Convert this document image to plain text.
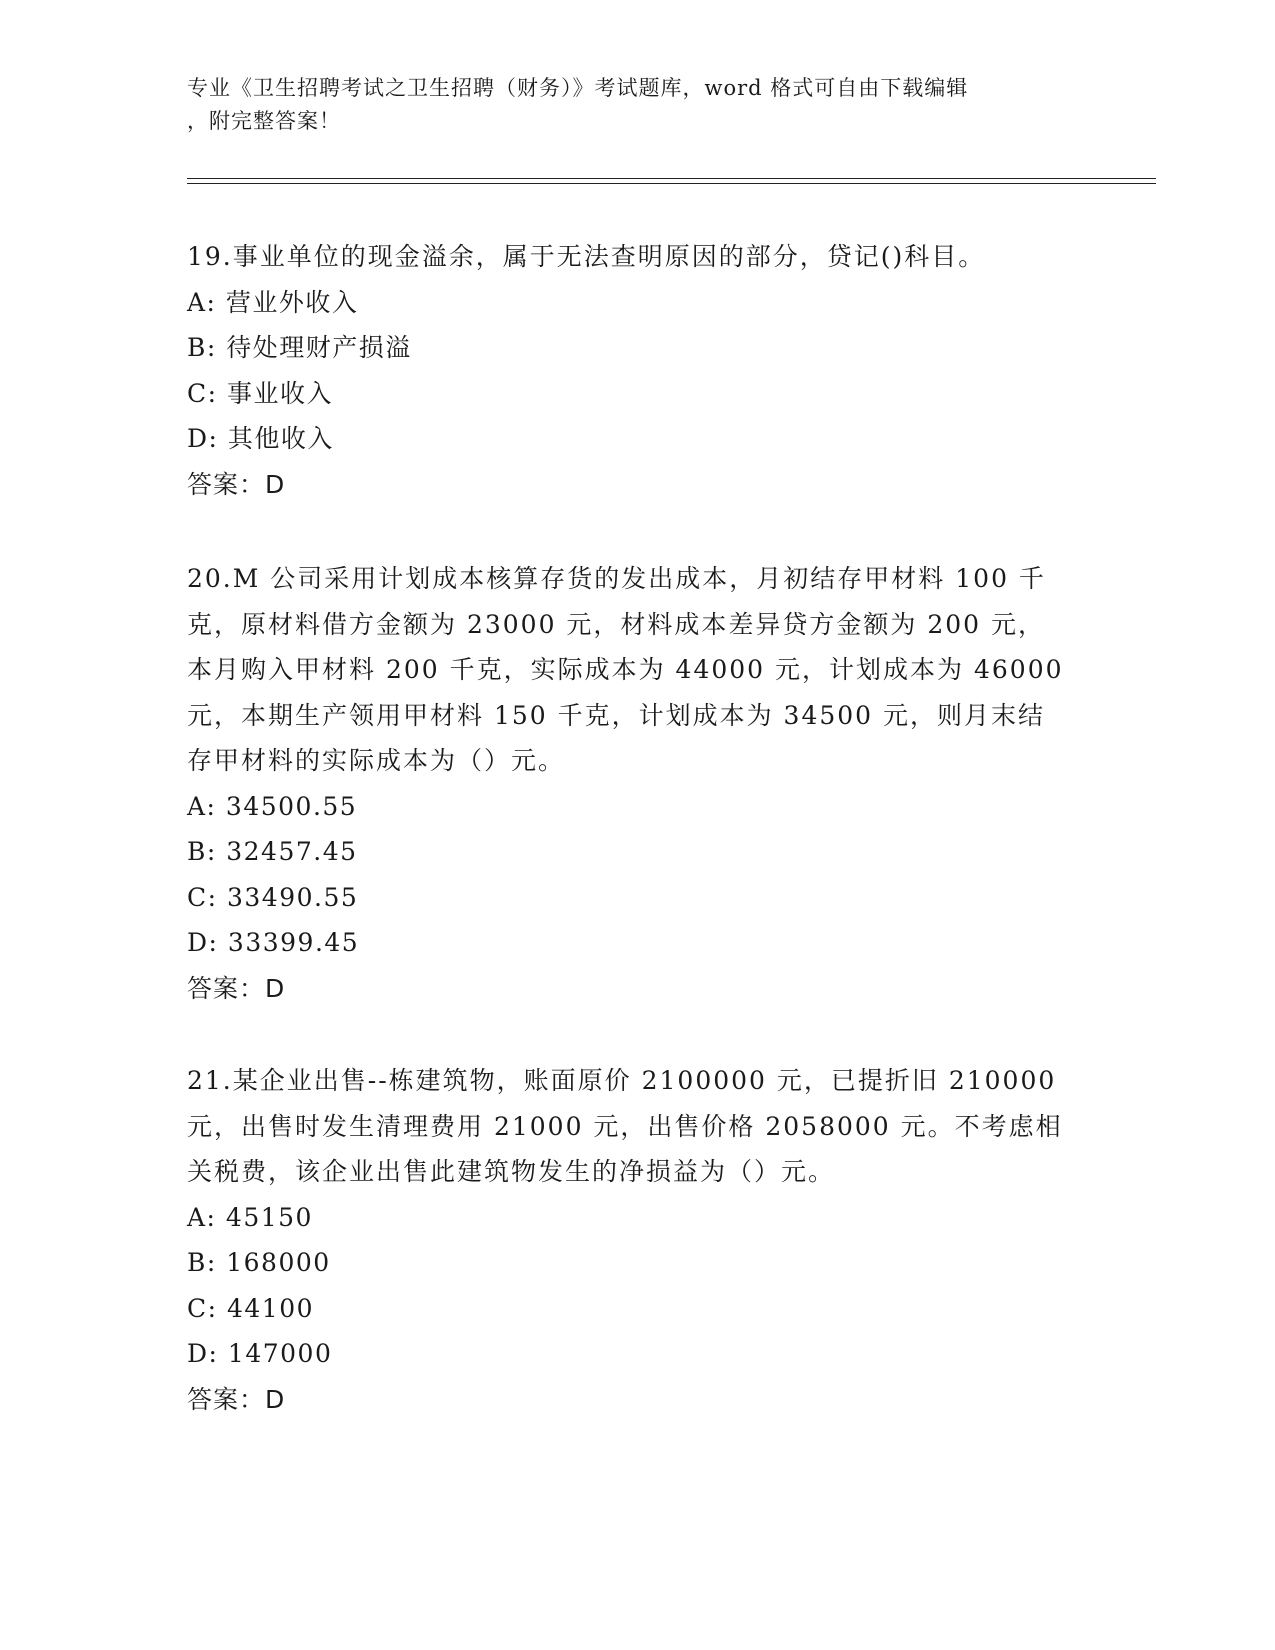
专业《卫生招聘考试之卫生招聘（财务）》考试题库，word 格式可自由下载编辑
，附完整答案！

19.事业单位的现金溢余，属于无法查明原因的部分，贷记()科目。

A: 营业外收入
B: 待处理财产损溢
C: 事业收入
D: 其他收入
答案：D

20.M 公司采用计划成本核算存货的发出成本，月初结存甲材料 100 千克，原材料借方金额为 23000 元，材料成本差异贷方金额为 200 元，本月购入甲材料 200 千克，实际成本为 44000 元，计划成本为 46000 元，本期生产领用甲材料 150 千克，计划成本为 34500 元，则月末结存甲材料的实际成本为（）元。

A: 34500.55
B: 32457.45
C: 33490.55
D: 33399.45
答案：D

21.某企业出售--栋建筑物，账面原价 2100000 元，已提折旧 210000 元，出售时发生清理费用 21000 元，出售价格 2058000 元。不考虑相关税费，该企业出售此建筑物发生的净损益为（）元。

A: 45150
B: 168000
C: 44100
D: 147000
答案：D
